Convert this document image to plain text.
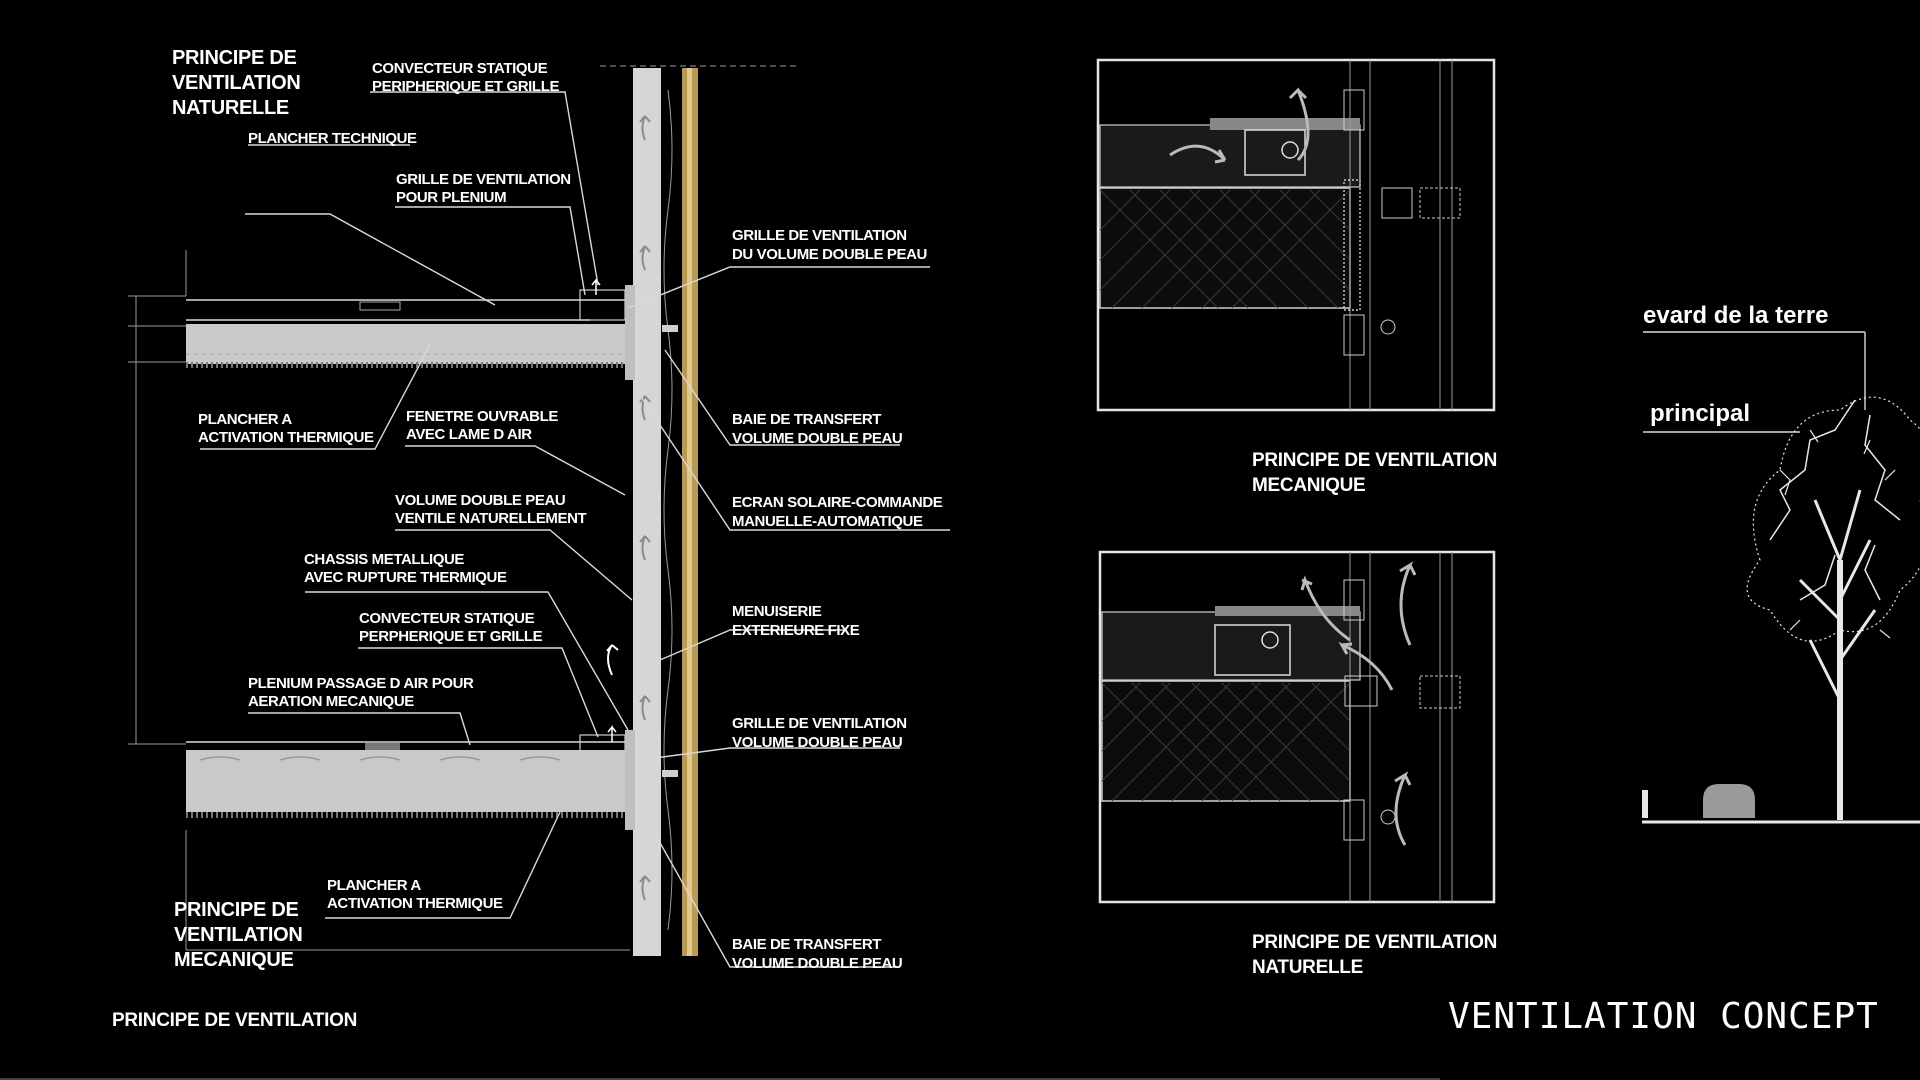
PRINCIPE DE
VENTILATION
NATURELLE
PRINCIPE DE
VENTILATION
MECANIQUE
PRINCIPE DE VENTILATION
CONVECTEUR STATIQUE
PERIPHERIQUE ET GRILLE
PLANCHER TECHNIQUE
GRILLE DE VENTILATION
POUR PLENIUM
PLANCHER A
ACTIVATION THERMIQUE
FENETRE OUVRABLE
AVEC LAME D AIR
VOLUME DOUBLE PEAU
VENTILE NATURELLEMENT
CHASSIS METALLIQUE
AVEC RUPTURE THERMIQUE
CONVECTEUR STATIQUE
PERPHERIQUE ET GRILLE
PLENIUM PASSAGE D AIR POUR
AERATION MECANIQUE
PLANCHER A
ACTIVATION THERMIQUE
GRILLE DE VENTILATION
DU VOLUME DOUBLE PEAU
BAIE DE TRANSFERT
VOLUME DOUBLE PEAU
ECRAN SOLAIRE-COMMANDE
MANUELLE-AUTOMATIQUE
MENUISERIE
EXTERIEURE FIXE
GRILLE DE VENTILATION
VOLUME DOUBLE PEAU
BAIE DE TRANSFERT
VOLUME DOUBLE PEAU
PRINCIPE DE VENTILATION
MECANIQUE
PRINCIPE DE VENTILATION
NATURELLE
evard de la terre
principal
VENTILATION CONCEPT
